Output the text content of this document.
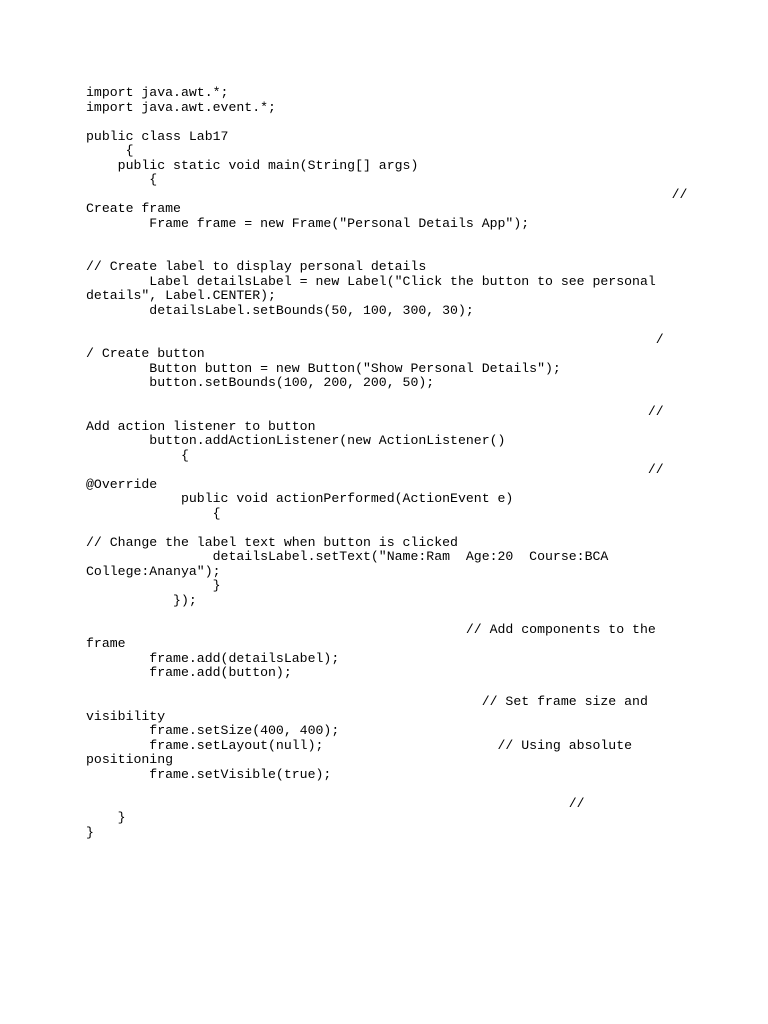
import java.awt.*;
import java.awt.event.*;
public class Lab17
{
public static void main(String[] args)
{
//
Create frame
Frame frame = new Frame("Personal Details App");
// Create label to display personal details
Label detailsLabel = new Label("Click the button to see personal
details", Label.CENTER);
detailsLabel.setBounds(50, 100, 300, 30);
/
/ Create button
Button button = new Button("Show Personal Details");
button.setBounds(100, 200, 200, 50);
//
Add action listener to button
button.addActionListener(new ActionListener()
{
//
@Override
public void actionPerformed(ActionEvent e)
{
// Change the label text when button is clicked
detailsLabel.setText("Name:Ram  Age:20  Course:BCA
College:Ananya");
}
});
// Add components to the
frame
frame.add(detailsLabel);
frame.add(button);
// Set frame size and
visibility
frame.setSize(400, 400);
frame.setLayout(null);                      // Using absolute
positioning
frame.setVisible(true);
//
}
}
